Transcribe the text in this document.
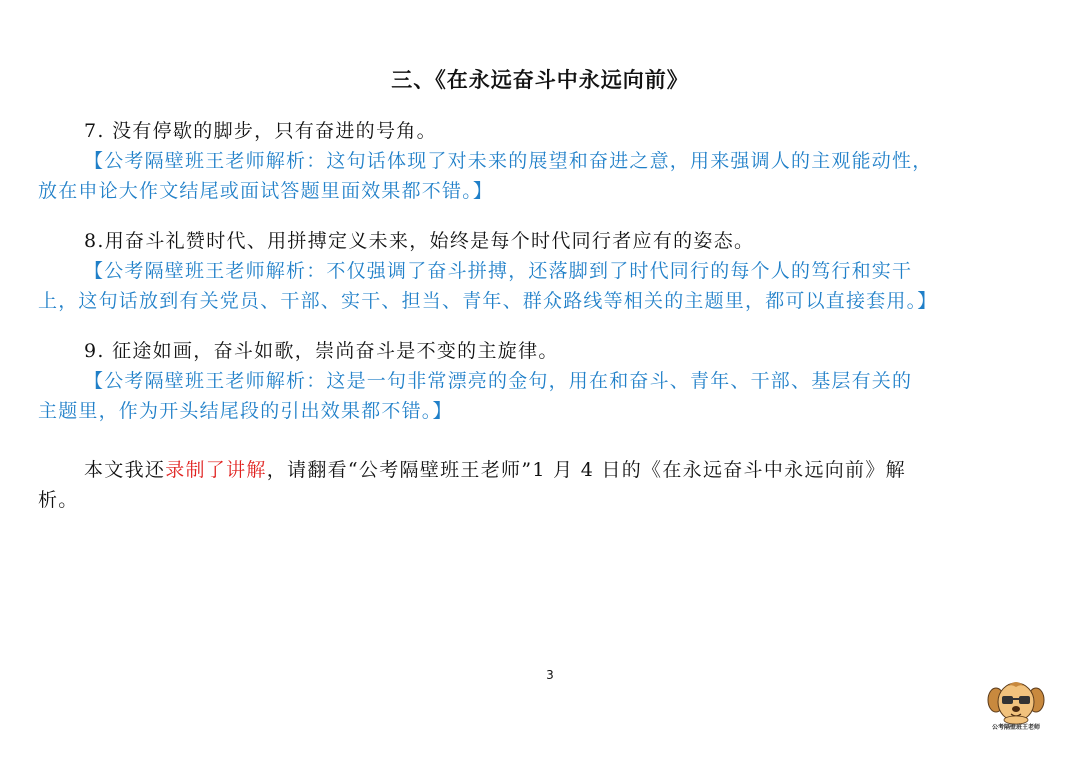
三、《在永远奋斗中永远向前》
7. 没有停歇的脚步，只有奋进的号角。
【公考隔壁班王老师解析：这句话体现了对未来的展望和奋进之意，用来强调人的主观能动性，
放在申论大作文结尾或面试答题里面效果都不错。】
8.用奋斗礼赞时代、用拼搏定义未来，始终是每个时代同行者应有的姿态。
【公考隔壁班王老师解析：不仅强调了奋斗拼搏，还落脚到了时代同行的每个人的笃行和实干
上，这句话放到有关党员、干部、实干、担当、青年、群众路线等相关的主题里，都可以直接套用。】
9. 征途如画，奋斗如歌，崇尚奋斗是不变的主旋律。
【公考隔壁班王老师解析：这是一句非常漂亮的金句，用在和奋斗、青年、干部、基层有关的
主题里，作为开头结尾段的引出效果都不错。】
本文我还录制了讲解，请翻看“公考隔壁班王老师”1 月 4 日的《在永远奋斗中永远向前》解
析。
3
公考隔壁班王老师
